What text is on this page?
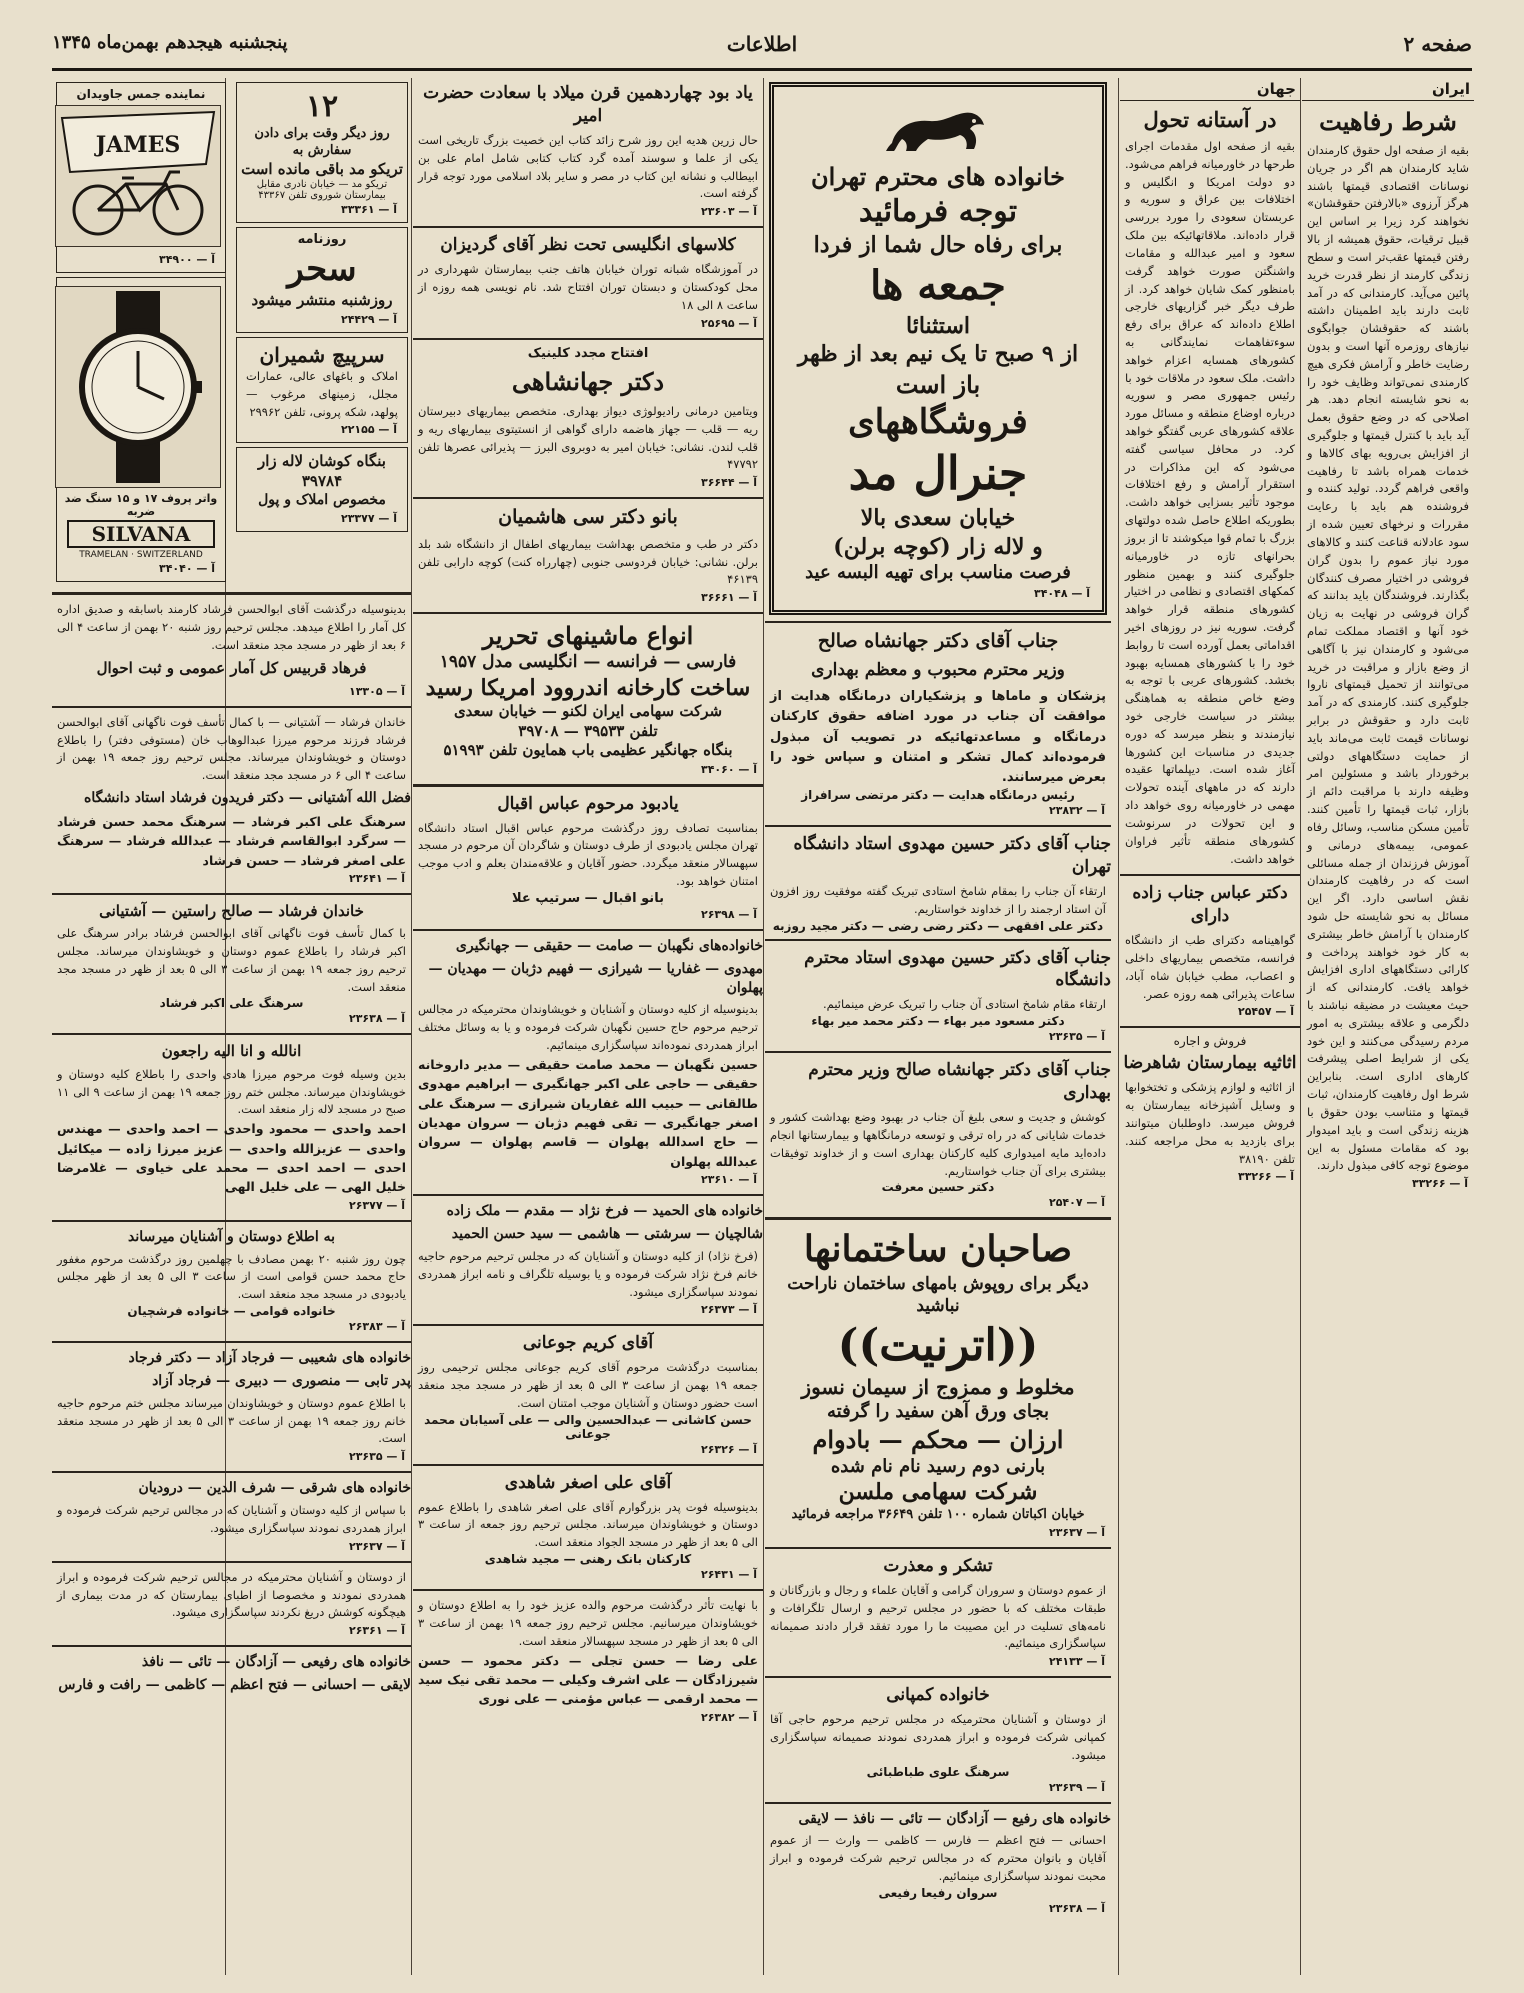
صفحه ۲
اطلاعات
پنجشنبه هیجدهم بهمن‌ماه ۱۳۴۵
ایران
شرط رفاهیت
بقیه از صفحه اول حقوق کارمندان شاید کارمندان هم اگر در جریان نوسانات اقتصادی قیمتها باشند هرگز آرزوی «بالارفتن حقوقشان» نخواهند کرد زیرا بر اساس این قبیل ترقیات، حقوق همیشه از بالا رفتن قیمتها عقب‌تر است و سطح زندگی کارمند از نظر قدرت خرید پائین می‌آید. کارمندانی که در آمد ثابت دارند باید اطمینان داشته باشند که حقوقشان جوابگوی نیازهای روزمره آنها است و بدون رضایت خاطر و آرامش فکری هیچ کارمندی نمی‌تواند وظایف خود را به نحو شایسته انجام دهد. هر اصلاحی که در وضع حقوق بعمل آید باید با کنترل قیمتها و جلوگیری از افزایش بی‌رویه بهای کالاها و خدمات همراه باشد تا رفاهیت واقعی فراهم گردد. تولید کننده و فروشنده هم باید با رعایت مقررات و نرخهای تعیین شده از سود عادلانه قناعت کنند و کالاهای مورد نیاز عموم را بدون گران فروشی در اختیار مصرف کنندگان بگذارند. فروشندگان باید بدانند که گران فروشی در نهایت به زیان خود آنها و اقتصاد مملکت تمام می‌شود و کارمندان نیز با آگاهی از وضع بازار و مراقبت در خرید می‌توانند از تحمیل قیمتهای ناروا جلوگیری کنند. کارمندی که در آمد ثابت دارد و حقوقش در برابر نوسانات قیمت ثابت می‌ماند باید از حمایت دستگاههای دولتی برخوردار باشد و مسئولین امر وظیفه دارند با مراقبت دائم از بازار، ثبات قیمتها را تأمین کنند. تأمین مسکن مناسب، وسائل رفاه عمومی، بیمه‌های درمانی و آموزش فرزندان از جمله مسائلی است که در رفاهیت کارمندان نقش اساسی دارد. اگر این مسائل به نحو شایسته حل شود کارمندان با آرامش خاطر بیشتری به کار خود خواهند پرداخت و کارائی دستگاههای اداری افزایش خواهد یافت. کارمندانی که از حیث معیشت در مضیقه نباشند با دلگرمی و علاقه بیشتری به امور مردم رسیدگی می‌کنند و این خود یکی از شرایط اصلی پیشرفت کارهای اداری است. بنابراین شرط اول رفاهیت کارمندان، ثبات قیمتها و متناسب بودن حقوق با هزینه زندگی است و باید امیدوار بود که مقامات مسئول به این موضوع توجه کافی مبذول دارند.
آ — ۳۳۲۶۶
جهان
در آستانه تحول
بقیه از صفحه اول مقدمات اجرای طرحها در خاورمیانه فراهم می‌شود. دو دولت امریکا و انگلیس و اختلافات بین عراق و سوریه و عربستان سعودی را مورد بررسی قرار داده‌اند. ملاقاتهائیکه بین ملک سعود و امیر عبدالله و مقامات واشنگتن صورت خواهد گرفت بامنظور کمک شایان خواهد کرد. از طرف دیگر خبر گزاریهای خارجی اطلاع داده‌اند که عراق برای رفع سوءتفاهمات نمایندگانی به کشورهای همسایه اعزام خواهد داشت. ملک سعود در ملاقات خود با رئیس جمهوری مصر و سوریه درباره اوضاع منطقه و مسائل مورد علاقه کشورهای عربی گفتگو خواهد کرد. در محافل سیاسی گفته می‌شود که این مذاکرات در استقرار آرامش و رفع اختلافات موجود تأثیر بسزایی خواهد داشت. بطوریکه اطلاع حاصل شده دولتهای بزرگ با تمام قوا میکوشند تا از بروز بحرانهای تازه در خاورمیانه جلوگیری کنند و بهمین منظور کمکهای اقتصادی و نظامی در اختیار کشورهای منطقه قرار خواهد گرفت. سوریه نیز در روزهای اخیر اقداماتی بعمل آورده است تا روابط خود را با کشورهای همسایه بهبود بخشد. کشورهای عربی با توجه به وضع خاص منطقه به هماهنگی بیشتر در سیاست خارجی خود نیازمندند و بنظر میرسد که دوره جدیدی در مناسبات این کشورها آغاز شده است. دیپلماتها عقیده دارند که در ماههای آینده تحولات مهمی در خاورمیانه روی خواهد داد و این تحولات در سرنوشت کشورهای منطقه تأثیر فراوان خواهد داشت.
دکتر عباس جناب زاده دارای
گواهینامه دکترای طب از دانشگاه فرانسه، متخصص بیماریهای داخلی و اعصاب، مطب خیابان شاه آباد، ساعات پذیرائی همه روزه عصر.
آ — ۲۵۴۵۷
فروش و اجاره
اثاثیه بیمارستان شاهرضا
از اثاثیه و لوازم پزشکی و تختخوابها و وسایل آشپزخانه بیمارستان به فروش میرسد. داوطلبان میتوانند برای بازدید به محل مراجعه کنند. تلفن ۳۸۱۹۰
آ — ۳۳۲۶۶
خانواده های محترم تهران
توجه فرمائید
برای رفاه حال شما از فردا
جمعه ها
استثنائا
از ۹ صبح تا یک نیم بعد از ظهر
باز است
فروشگاههای
جنرال مد
خیابان سعدی بالا
و لاله زار (کوچه برلن)
فرصت مناسب برای تهیه البسه عید
آ — ۳۴۰۴۸
جناب آقای دکتر جهانشاه صالح
وزیر محترم محبوب و معظم بهداری
پزشکان و ماماها و پزشکیاران درمانگاه هدایت از موافقت آن جناب در مورد اضافه حقوق کارکنان درمانگاه و مساعدتهائیکه در تصویب آن مبذول فرموده‌اند کمال تشکر و امتنان و سپاس خود را بعرض میرسانند.
رئیس درمانگاه هدایت — دکتر مرتضی سرافراز
آ — ۲۳۸۳۲
جناب آقای دکتر حسین مهدوی استاد دانشگاه تهران
ارتقاء آن جناب را بمقام شامخ استادی تبریک گفته موفقیت روز افزون آن استاد ارجمند را از خداوند خواستاریم.
دکتر علی افقهی — دکتر رضی رضی — دکتر مجید روزبه
جناب آقای دکتر حسین مهدوی استاد محترم دانشگاه
ارتقاء مقام شامخ استادی آن جناب را تبریک عرض مینمائیم.
دکتر مسعود میر بهاء — دکتر محمد میر بهاء
آ — ۲۳۶۳۵
جناب آقای دکتر جهانشاه صالح وزیر محترم بهداری
کوشش و جدیت و سعی بلیغ آن جناب در بهبود وضع بهداشت کشور و خدمات شایانی که در راه ترقی و توسعه درمانگاهها و بیمارستانها انجام داده‌اید مایه امیدواری کلیه کارکنان بهداری است و از خداوند توفیقات بیشتری برای آن جناب خواستاریم.
دکتر حسین معرفت
آ — ۲۵۴۰۷
صاحبان ساختمانها
دیگر برای روپوش بامهای ساختمان ناراحت نباشید
((اترنیت))
مخلوط و ممزوج از سیمان نسوز
بجای ورق آهن سفید را گرفته
ارزان — محکم — بادوام
بارنی دوم رسید نام نام شده
شرکت سهامی ملسن
خیابان اکباتان شماره ۱۰۰ تلفن ۳۶۶۴۹ مراجعه فرمائید
آ — ۲۳۶۳۷
تشکر و معذرت
از عموم دوستان و سروران گرامی و آقایان علماء و رجال و بازرگانان و طبقات مختلف که با حضور در مجلس ترحیم و ارسال تلگرافات و نامه‌های تسلیت در این مصیبت ما را مورد تفقد قرار دادند صمیمانه سپاسگزاری مینمائیم.
آ — ۲۴۱۳۳
خانواده کمپانی
از دوستان و آشنایان محترمیکه در مجلس ترحیم مرحوم حاجی آقا کمپانی شرکت فرموده و ابراز همدردی نمودند صمیمانه سپاسگزاری میشود.
سرهنگ علوی طباطبائی
آ — ۲۳۶۳۹
خانواده های رفیع — آزادگان — تائی — نافذ — لایقی
احسانی — فتح اعظم — فارس — کاظمی — وارث — از عموم آقایان و بانوان محترم که در مجالس ترحیم شرکت فرموده و ابراز محبت نمودند سپاسگزاری مینمائیم.
سروان رفیعا رفیعی
آ — ۲۳۶۳۸
یاد بود چهاردهمین قرن میلاد با سعادت حضرت امیر
حال زرین هدیه این روز شرح زائد کتاب این خصیت بزرگ تاریخی است یکی از علما و سوسند آمده گرد کتاب کتابی شامل امام علی بن ابیطالب و نشانه این کتاب در مصر و سایر بلاد اسلامی مورد توجه قرار گرفته است.
آ — ۲۳۶۰۳
کلاسهای انگلیسی تحت نظر آقای گردیزان
در آموزشگاه شبانه توران خیابان هاتف جنب بیمارستان شهرداری در محل کودکستان و دبستان توران افتتاح شد. نام نویسی همه روزه از ساعت ۸ الی ۱۸
آ — ۲۵۶۹۵
افتتاح مجدد کلینیک
دکتر جهانشاهی
ویتامین درمانی رادیولوژی دیواز بهداری. متخصص بیماریهای دبیرستان ریه — قلب — جهاز هاضمه دارای گواهی از انستیتوی بیماریهای ریه و قلب لندن. نشانی: خیابان امیر به دوبروی البرز — پذیرائی عصرها تلفن ۴۷۷۹۲
آ — ۳۶۶۴۴
بانو دکتر سی هاشمیان
دکتر در طب و متخصص بهداشت بیماریهای اطفال از دانشگاه شد بلد برلن. نشانی: خیابان فردوسی جنوبی (چهارراه کنت) کوچه دارابی تلفن ۴۶۱۳۹
آ — ۳۶۶۶۱
انواع ماشینهای تحریر
فارسی — فرانسه — انگلیسی مدل ۱۹۵۷
ساخت کارخانه اندروود امریکا رسید
شرکت سهامی ایران لکنو — خیابان سعدی
تلفن ۳۹۵۳۳ — ۳۹۷۰۸
بنگاه جهانگیر عظیمی باب همایون تلفن ۵۱۹۹۳
آ — ۳۴۰۶۰
یادبود مرحوم عباس اقبال
بمناسبت تصادف روز درگذشت مرحوم عباس اقبال استاد دانشگاه تهران مجلس یادبودی از طرف دوستان و شاگردان آن مرحوم در مسجد سپهسالار منعقد میگردد. حضور آقایان و علاقه‌مندان بعلم و ادب موجب امتنان خواهد بود.
بانو اقبال — سرتیپ علا
آ — ۲۶۳۹۸
خانواده‌های نگهبان — صامت — حقیقی — جهانگیری
مهدوی — غفاریا — شیرازی — فهیم دژبان — مهدیان — پهلوان
بدینوسیله از کلیه دوستان و آشنایان و خویشاوندان محترمیکه در مجالس ترحیم مرحوم حاج حسین نگهبان شرکت فرموده و یا به وسائل مختلف ابراز همدردی نموده‌اند سپاسگزاری مینمائیم.
حسین نگهبان — محمد صامت حقیقی — مدیر داروخانه حقیقی — حاجی علی اکبر جهانگیری — ابراهیم مهدوی طالقانی — حبیب الله غفاریان شیرازی — سرهنگ علی اصغر جهانگیری — تقی فهیم دژبان — سروان مهدیان — حاج اسدالله پهلوان — قاسم پهلوان — سروان عبدالله پهلوان
آ — ۲۳۶۱۰
خانواده های الحمید — فرخ نژاد — مقدم — ملک زاده
شالچیان — سرشتی — هاشمی — سید حسن الحمید
(فرخ نژاد) از کلیه دوستان و آشنایان که در مجلس ترحیم مرحوم حاجیه خانم فرخ نژاد شرکت فرموده و یا بوسیله تلگراف و نامه ابراز همدردی نمودند سپاسگزاری میشود.
آ — ۲۶۳۷۳
آقای کریم جوعانی
بمناسبت درگذشت مرحوم آقای کریم جوعانی مجلس ترحیمی روز جمعه ۱۹ بهمن از ساعت ۳ الی ۵ بعد از ظهر در مسجد مجد منعقد است حضور دوستان و آشنایان موجب امتنان است.
حسن کاشانی — عبدالحسین والی — علی آسیابان محمد جوعانی
آ — ۲۶۳۲۶
آقای علی اصغر شاهدی
بدینوسیله فوت پدر بزرگوارم آقای علی اصغر شاهدی را باطلاع عموم دوستان و خویشاوندان میرساند. مجلس ترحیم روز جمعه از ساعت ۳ الی ۵ بعد از ظهر در مسجد الجواد منعقد است.
کارکنان بانک رهنی — مجید شاهدی
آ — ۲۶۴۳۱
با نهایت تأثر درگذشت مرحوم والده عزیز خود را به اطلاع دوستان و خویشاوندان میرسانیم. مجلس ترحیم روز جمعه ۱۹ بهمن از ساعت ۳ الی ۵ بعد از ظهر در مسجد سپهسالار منعقد است.
علی رضا — حسن تجلی — دکتر محمود — حسن شیرزادگان — علی اشرف وکیلی — محمد تقی نیک سید — محمد ارقمی — عباس مؤمنی — علی نوری
آ — ۲۶۳۸۲
۱۲
روز دیگر وقت برای دادن سفارش به
تریکو مد باقی مانده است
تریکو مد — خیابان نادری مقابل بیمارستان شوروی تلفن ۴۳۳۶۷
آ — ۳۳۳۶۱
روزنامه
سحر
روزشنبه منتشر میشود
آ — ۲۴۴۲۹
سرپیچ شمیران
املاک و باغهای عالی، عمارات مجلل، زمینهای مرغوب — پولهد، شکه پرونی، تلفن ۲۹۹۶۲
آ — ۲۲۱۵۵
بنگاه کوشان لاله زار ۳۹۷۸۴
مخصوص املاک و پول
آ — ۲۳۳۷۷
نماینده جمس جاویدان
JAMES
آ — ۳۴۹۰۰
واتر پروف ۱۷ و ۱۵ سنگ ضد ضربه
SILVANA
TRAMELAN · SWITZERLAND
آ — ۳۴۰۴۰
بدینوسیله درگذشت آقای ابوالحسن فرشاد کارمند باسابقه و صدیق اداره کل آمار را اطلاع میدهد. مجلس ترحیم روز شنبه ۲۰ بهمن از ساعت ۴ الی ۶ بعد از ظهر در مسجد مجد منعقد است.
فرهاد قربیس کل آمار عمومی و ثبت احوال
آ — ۱۳۳۰۵
خاندان فرشاد — آشتیانی — با کمال تأسف فوت ناگهانی آقای ابوالحسن فرشاد فرزند مرحوم میرزا عبدالوهاب خان (مستوفی دفتر) را باطلاع دوستان و خویشاوندان میرساند. مجلس ترحیم روز جمعه ۱۹ بهمن از ساعت ۴ الی ۶ در مسجد مجد منعقد است.
فضل الله آشتیانی — دکتر فریدون فرشاد استاد دانشگاه
سرهنگ علی اکبر فرشاد — سرهنگ محمد حسن فرشاد — سرگرد ابوالقاسم فرشاد — عبدالله فرشاد — سرهنگ علی اصغر فرشاد — حسن فرشاد
آ — ۲۳۶۴۱
خاندان فرشاد — صالح راستین — آشتیانی
با کمال تأسف فوت ناگهانی آقای ابوالحسن فرشاد برادر سرهنگ علی اکبر فرشاد را باطلاع عموم دوستان و خویشاوندان میرساند. مجلس ترحیم روز جمعه ۱۹ بهمن از ساعت ۳ الی ۵ بعد از ظهر در مسجد مجد منعقد است.
سرهنگ علی اکبر فرشاد
آ — ۲۳۶۳۸
انالله و انا الیه راجعون
بدین وسیله فوت مرحوم میرزا هادی واحدی را باطلاع کلیه دوستان و خویشاوندان میرساند. مجلس ختم روز جمعه ۱۹ بهمن از ساعت ۹ الی ۱۱ صبح در مسجد لاله زار منعقد است.
احمد واحدی — محمود واحدی — احمد واحدی — مهندس واحدی — عزیزالله واحدی — عزیز میرزا زاده — میکائیل احدی — احمد احدی — محمد علی خیاوی — غلامرضا خلیل الهی — علی خلیل الهی
آ — ۲۶۳۷۷
به اطلاع دوستان و آشنایان میرساند
چون روز شنبه ۲۰ بهمن مصادف با چهلمین روز درگذشت مرحوم مغفور حاج محمد حسن قوامی است از ساعت ۳ الی ۵ بعد از ظهر مجلس یادبودی در مسجد مجد منعقد است.
خانواده قوامی — خانواده فرشچیان
آ — ۲۶۳۸۳
خانواده های شعیبی — فرجاد آزاد — دکتر فرجاد
پدر تابی — منصوری — دبیری — فرجاد آزاد
با اطلاع عموم دوستان و خویشاوندان میرساند مجلس ختم مرحوم حاجیه خانم روز جمعه ۱۹ بهمن از ساعت ۳ الی ۵ بعد از ظهر در مسجد منعقد است.
آ — ۲۳۶۳۵
خانواده های شرقی — شرف الدین — درودیان
با سپاس از کلیه دوستان و آشنایان که در مجالس ترحیم شرکت فرموده و ابراز همدردی نمودند سپاسگزاری میشود.
آ — ۲۳۶۳۷
از دوستان و آشنایان محترمیکه در مجالس ترحیم شرکت فرموده و ابراز همدردی نمودند و مخصوصا از اطبای بیمارستان که در مدت بیماری از هیچگونه کوشش دریغ نکردند سپاسگزاری میشود.
آ — ۲۶۳۶۱
خانواده های رفیعی — آزادگان — تائی — نافذ
لایقی — احسانی — فتح اعظم — کاظمی — رافت و فارس
